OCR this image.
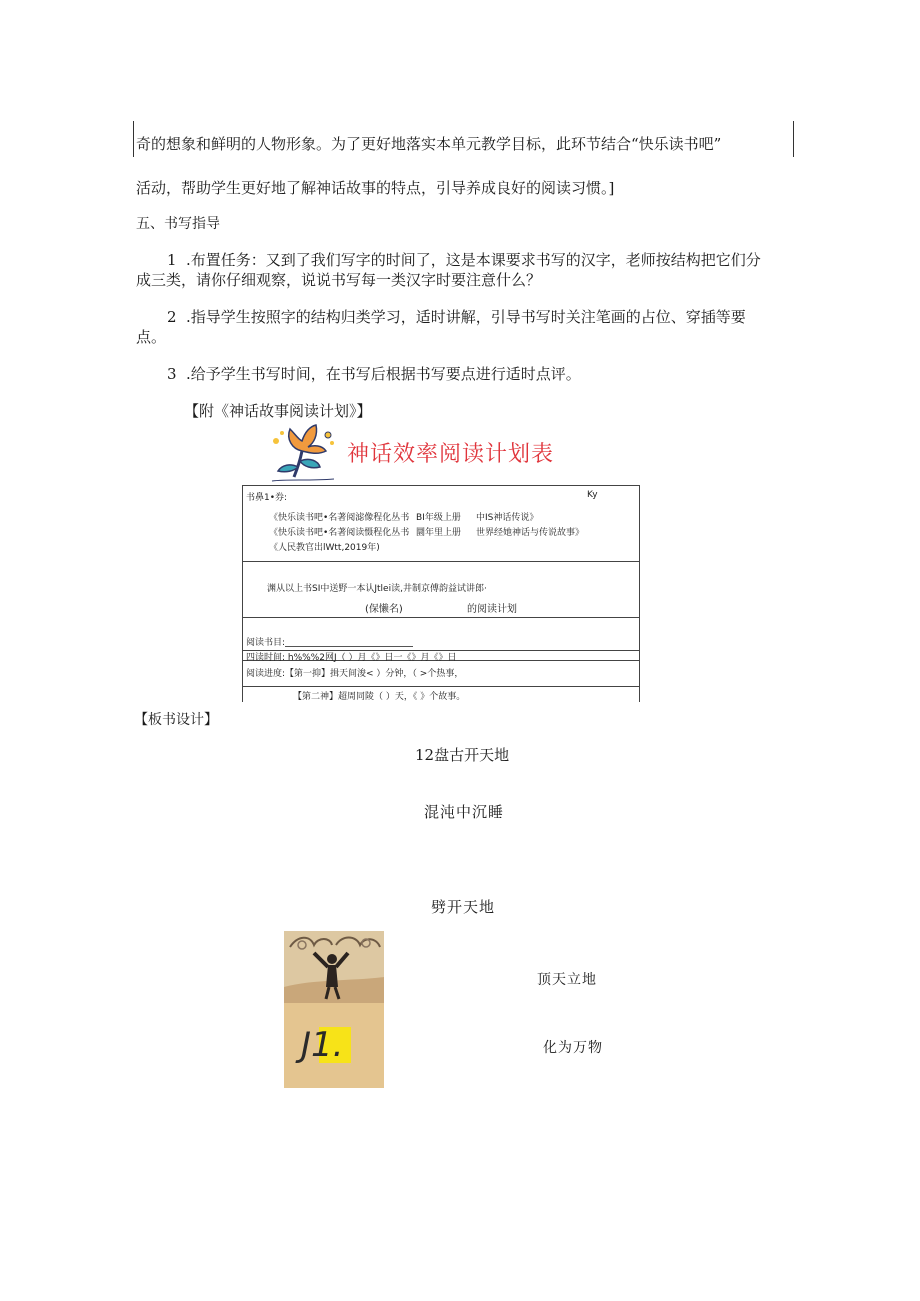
奇的想象和鲜明的人物形象。为了更好地落实本单元教学目标，此环节结合“快乐读书吧”
活动，帮助学生更好地了解神话故事的特点，引导养成良好的阅读习惯。]
五、书写指导
1 .布置任务：又到了我们写字的时间了，这是本课要求书写的汉字，老师按结构把它们分
成三类，请你仔细观察，说说书写每一类汉字时要注意什么？
2 .指导学生按照字的结构归类学习，适时讲解，引导书写时关注笔画的占位、穿插等要
点。
3 .给予学生书写时间，在书写后根据书写要点进行适时点评。
【附《神话故事阅读计划》】
神话效率阅读计划表
书鼻1•券:	Ky
《快乐读书吧•名著阅滤像程化丛书 BI年级上册 中IS神话传说》
《快乐读书吧•名著阅读慑程化丛书 圜年里上册 世界经她神话与传说故事》
《人民教官出lWtt,2019年)
渊从以上书SI中送野一本认Jtlei读,井制京傅韵益试讲郎·
(保懒名)	的阅读计划
阅读书目:
四读时间: h%%%2网J（ ）月《》日一《》月《》日
阅读进度:【第一抑】揖天间浚< ）分钟，（ >个热事，
【第二神】超周同陵（ ）天，《 》个故事。
【板书设计】
12盘古开天地
混沌中沉睡
劈开天地
顶天立地
化为万物
J1.
